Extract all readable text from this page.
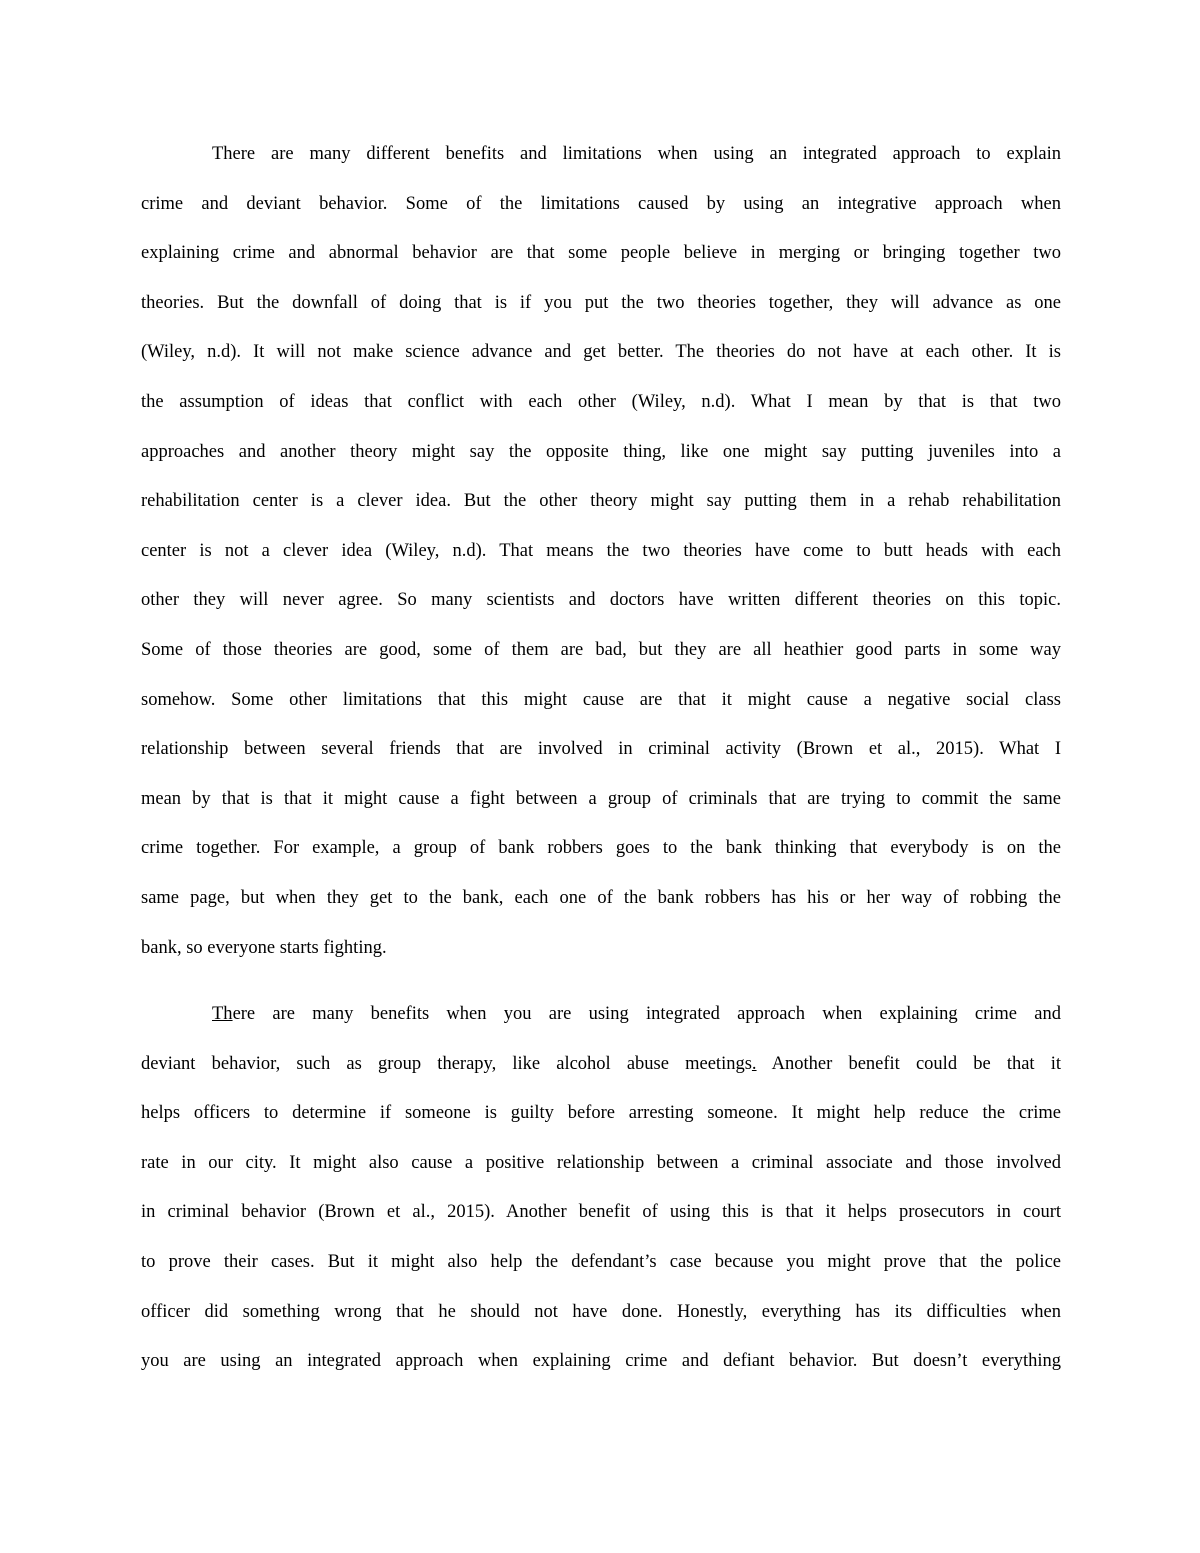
There are many different benefits and limitations when using an integrated approach to explain
crime and deviant behavior. Some of the limitations caused by using an integrative approach when
explaining crime and abnormal behavior are that some people believe in merging or bringing together two
theories. But the downfall of doing that is if you put the two theories together, they will advance as one
(Wiley, n.d). It will not make science advance and get better. The theories do not have at each other. It is
the assumption of ideas that conflict with each other (Wiley, n.d). What I mean by that is that two
approaches and another theory might say the opposite thing, like one might say putting juveniles into a
rehabilitation center is a clever idea. But the other theory might say putting them in a rehab rehabilitation
center is not a clever idea (Wiley, n.d). That means the two theories have come to butt heads with each
other they will never agree. So many scientists and doctors have written different theories on this topic.
Some of those theories are good, some of them are bad, but they are all heathier good parts in some way
somehow. Some other limitations that this might cause are that it might cause a negative social class
relationship between several friends that are involved in criminal activity (Brown et al., 2015). What I
mean by that is that it might cause a fight between a group of criminals that are trying to commit the same
crime together. For example, a group of bank robbers goes to the bank thinking that everybody is on the
same page, but when they get to the bank, each one of the bank robbers has his or her way of robbing the
bank, so everyone starts fighting.
There are many benefits when you are using integrated approach when explaining crime and
deviant behavior, such as group therapy, like alcohol abuse meetings. Another benefit could be that it
helps officers to determine if someone is guilty before arresting someone. It might help reduce the crime
rate in our city. It might also cause a positive relationship between a criminal associate and those involved
in criminal behavior (Brown et al., 2015). Another benefit of using this is that it helps prosecutors in court
to prove their cases. But it might also help the defendant’s case because you might prove that the police
officer did something wrong that he should not have done. Honestly, everything has its difficulties when
you are using an integrated approach when explaining crime and defiant behavior. But doesn’t everything
